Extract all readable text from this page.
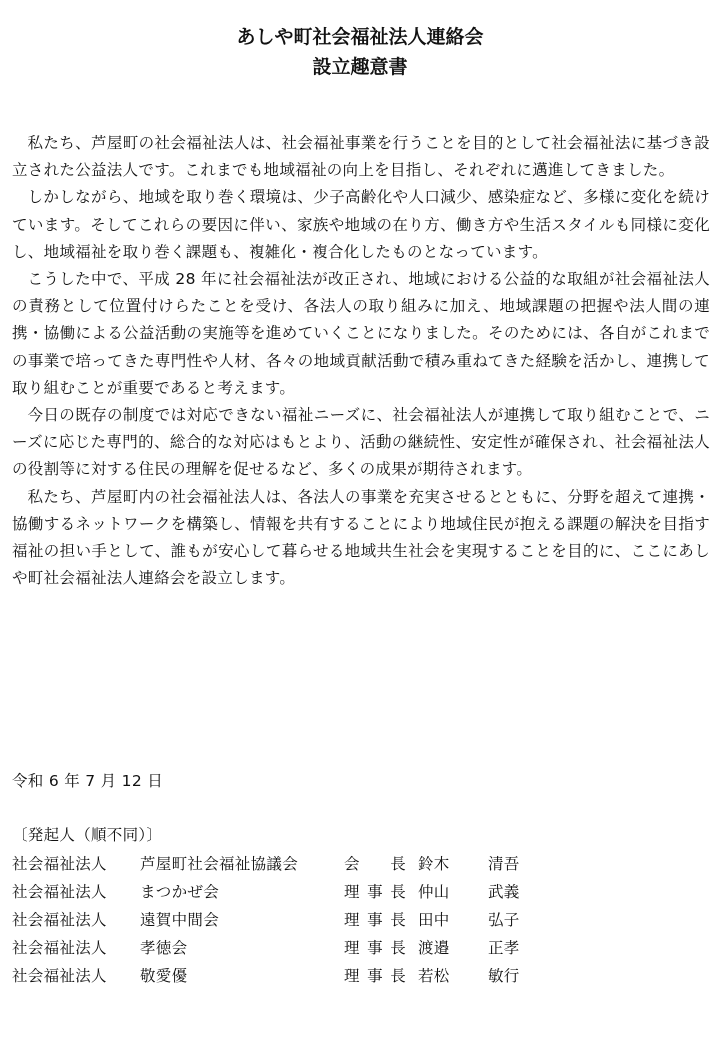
あしや町社会福祉法人連絡会
設立趣意書

私たち、芦屋町の社会福祉法人は、社会福祉事業を行うことを目的として社会福祉法に基づき設立された公益法人です。これまでも地域福祉の向上を目指し、それぞれに邁進してきました。

しかしながら、地域を取り巻く環境は、少子高齢化や人口減少、感染症など、多様に変化を続けています。そしてこれらの要因に伴い、家族や地域の在り方、働き方や生活スタイルも同様に変化し、地域福祉を取り巻く課題も、複雑化・複合化したものとなっています。

こうした中で、平成 28 年に社会福祉法が改正され、地域における公益的な取組が社会福祉法人の責務として位置付けらたことを受け、各法人の取り組みに加え、地域課題の把握や法人間の連携・協働による公益活動の実施等を進めていくことになりました。そのためには、各自がこれまでの事業で培ってきた専門性や人材、各々の地域貢献活動で積み重ねてきた経験を活かし、連携して取り組むことが重要であると考えます。

今日の既存の制度では対応できない福祉ニーズに、社会福祉法人が連携して取り組むことで、ニーズに応じた専門的、総合的な対応はもとより、活動の継続性、安定性が確保され、社会福祉法人の役割等に対する住民の理解を促せるなど、多くの成果が期待されます。

私たち、芦屋町内の社会福祉法人は、各法人の事業を充実させるとともに、分野を超えて連携・協働するネットワークを構築し、情報を共有することにより地域住民が抱える課題の解決を目指す福祉の担い手として、誰もが安心して暮らせる地域共生社会を実現することを目的に、ここにあしや町社会福祉法人連絡会を設立します。

令和 6 年 7 月 12 日
〔発起人（順不同）〕
社会福祉法人 芦屋町社会福祉協議会	会長 鈴木 清吾
社会福祉法人 まつかぜ会	理事長 仲山 武義
社会福祉法人 遠賀中間会	理事長 田中 弘子
社会福祉法人 孝徳会	理事長 渡邉 正孝
社会福祉法人 敬愛優	理事長 若松 敏行
